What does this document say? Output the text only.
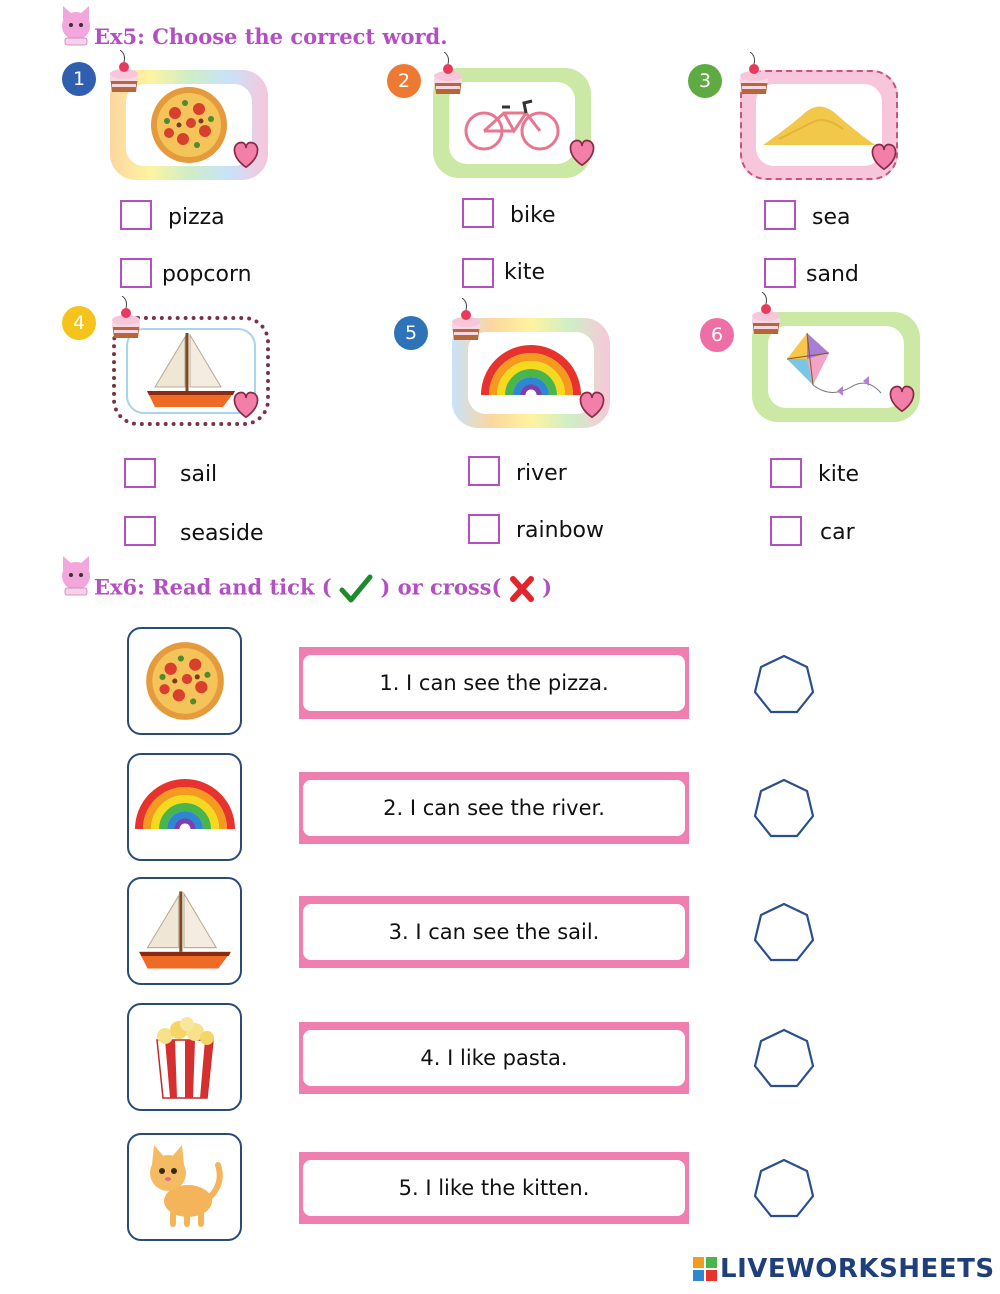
Ex5: Choose the correct word.
1
pizza
popcorn
2
bike
kite
3
sea
sand
4
sail
seaside
5
river
rainbow
6
kite
car
Ex6: Read and tick ( ) or cross( )
1. I can see the pizza.
2. I can see the river.
3. I can see the sail.
4. I like pasta.
5. I like the kitten.
LIVEWORKSHEETS
